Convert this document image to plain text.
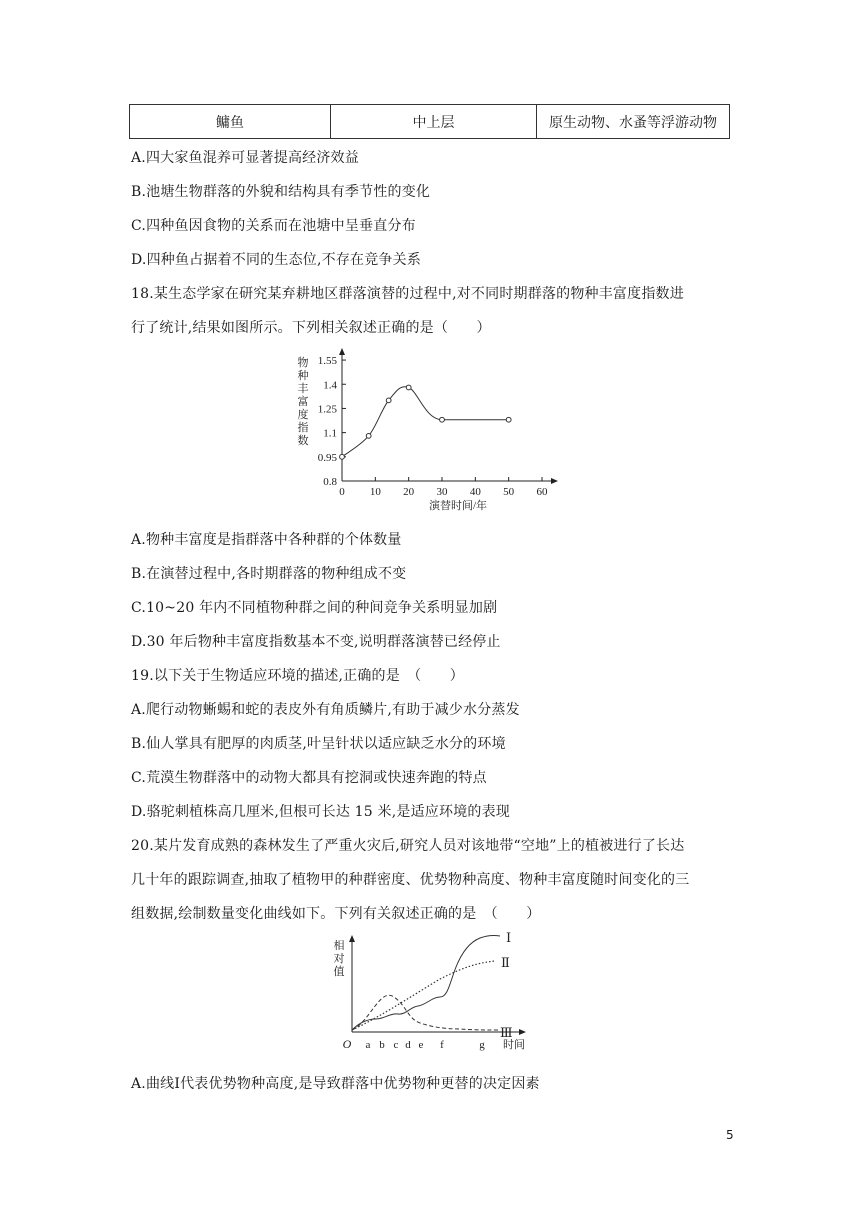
鳙鱼	中上层	原生动物、水蚤等浮游动物
A.四大家鱼混养可显著提高经济效益
B.池塘生物群落的外貌和结构具有季节性的变化
C.四种鱼因食物的关系而在池塘中呈垂直分布
D.四种鱼占据着不同的生态位,不存在竞争关系
18.某生态学家在研究某弃耕地区群落演替的过程中,对不同时期群落的物种丰富度指数进
行了统计,结果如图所示。下列相关叙述正确的是（　　）
物种丰富度指数
0.8
0.95
1.1
1.25
1.4
1.55
0 10 20 30 40 50 60
演替时间/年
A.物种丰富度是指群落中各种群的个体数量
B.在演替过程中,各时期群落的物种组成不变
C.10~20 年内不同植物种群之间的种间竞争关系明显加剧
D.30 年后物种丰富度指数基本不变,说明群落演替已经停止
19.以下关于生物适应环境的描述,正确的是　（　　）
A.爬行动物蜥蜴和蛇的表皮外有角质鳞片,有助于减少水分蒸发
B.仙人掌具有肥厚的肉质茎,叶呈针状以适应缺乏水分的环境
C.荒漠生物群落中的动物大都具有挖洞或快速奔跑的特点
D.骆驼刺植株高几厘米,但根可长达 15 米,是适应环境的表现
20.某片发育成熟的森林发生了严重火灾后,研究人员对该地带“空地”上的植被进行了长达
几十年的跟踪调查,抽取了植物甲的种群密度、优势物种高度、物种丰富度随时间变化的三
组数据,绘制数量变化曲线如下。下列有关叙述正确的是　（　　）
相对值
Ⅰ
Ⅱ
Ⅲ
O a b c d e f	g 时间
A.曲线Ⅰ代表优势物种高度,是导致群落中优势物种更替的决定因素
5
